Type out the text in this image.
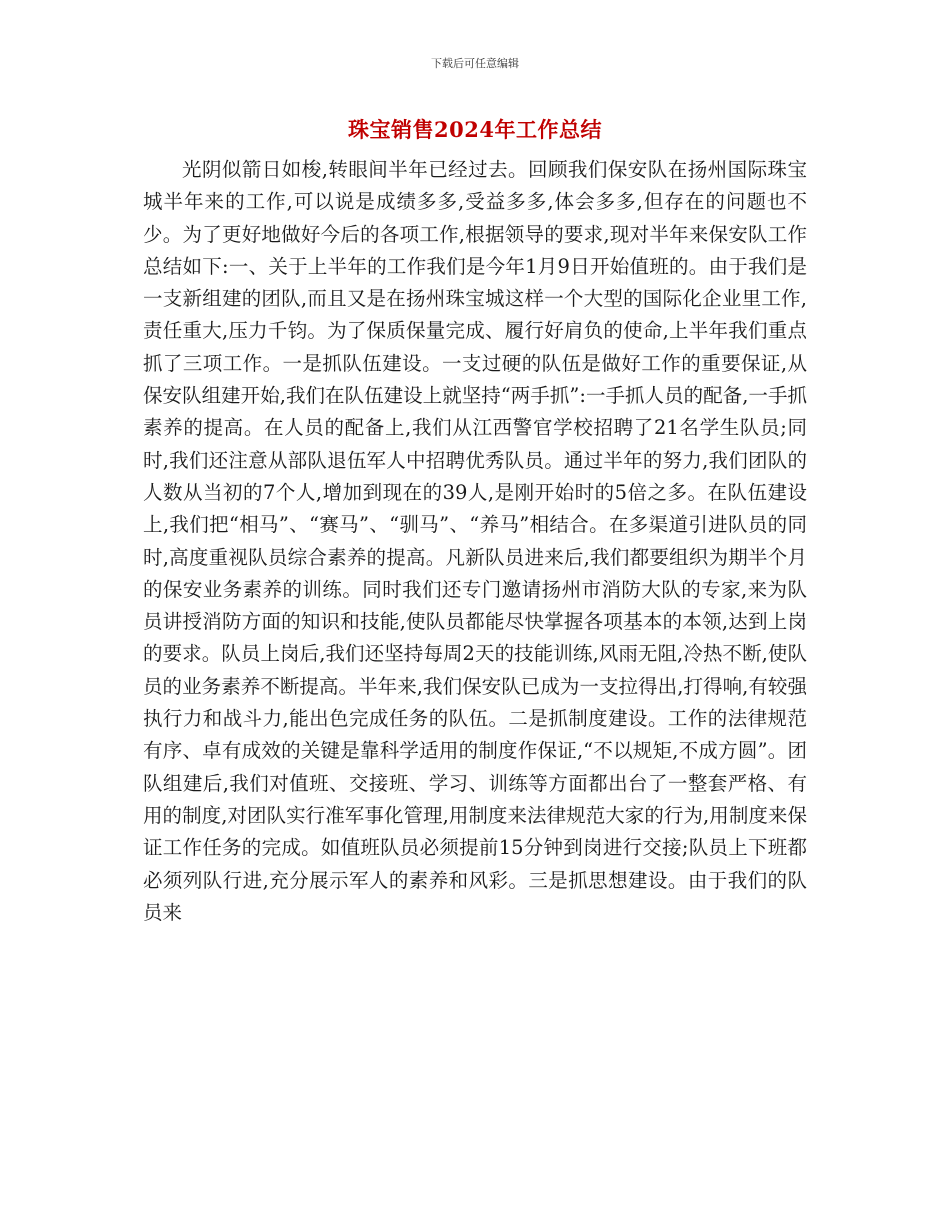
下载后可任意编辑
珠宝销售2024年工作总结

光阴似箭日如梭,转眼间半年已经过去。回顾我们保安队在扬州国际珠宝城半年来的工作,可以说是成绩多多,受益多多,体会多多,但存在的问题也不少。为了更好地做好今后的各项工作,根据领导的要求,现对半年来保安队工作总结如下:一、关于上半年的工作我们是今年1月9日开始值班的。由于我们是一支新组建的团队,而且又是在扬州珠宝城这样一个大型的国际化企业里工作,责任重大,压力千钧。为了保质保量完成、履行好肩负的使命,上半年我们重点抓了三项工作。一是抓队伍建设。一支过硬的队伍是做好工作的重要保证,从保安队组建开始,我们在队伍建设上就坚持“两手抓”:一手抓人员的配备,一手抓素养的提高。在人员的配备上,我们从江西警官学校招聘了21名学生队员;同时,我们还注意从部队退伍军人中招聘优秀队员。通过半年的努力,我们团队的人数从当初的7个人,增加到现在的39人,是刚开始时的5倍之多。在队伍建设上,我们把“相马”、“赛马”、“驯马”、“养马”相结合。在多渠道引进队员的同时,高度重视队员综合素养的提高。凡新队员进来后,我们都要组织为期半个月的保安业务素养的训练。同时我们还专门邀请扬州市消防大队的专家,来为队员讲授消防方面的知识和技能,使队员都能尽快掌握各项基本的本领,达到上岗的要求。队员上岗后,我们还坚持每周2天的技能训练,风雨无阻,冷热不断,使队员的业务素养不断提高。半年来,我们保安队已成为一支拉得出,打得响,有较强执行力和战斗力,能出色完成任务的队伍。二是抓制度建设。工作的法律规范有序、卓有成效的关键是靠科学适用的制度作保证,“不以规矩,不成方圆”。团队组建后,我们对值班、交接班、学习、训练等方面都出台了一整套严格、有用的制度,对团队实行准军事化管理,用制度来法律规范大家的行为,用制度来保证工作任务的完成。如值班队员必须提前15分钟到岗进行交接;队员上下班都必须列队行进,充分展示军人的素养和风彩。三是抓思想建设。由于我们的队员来
